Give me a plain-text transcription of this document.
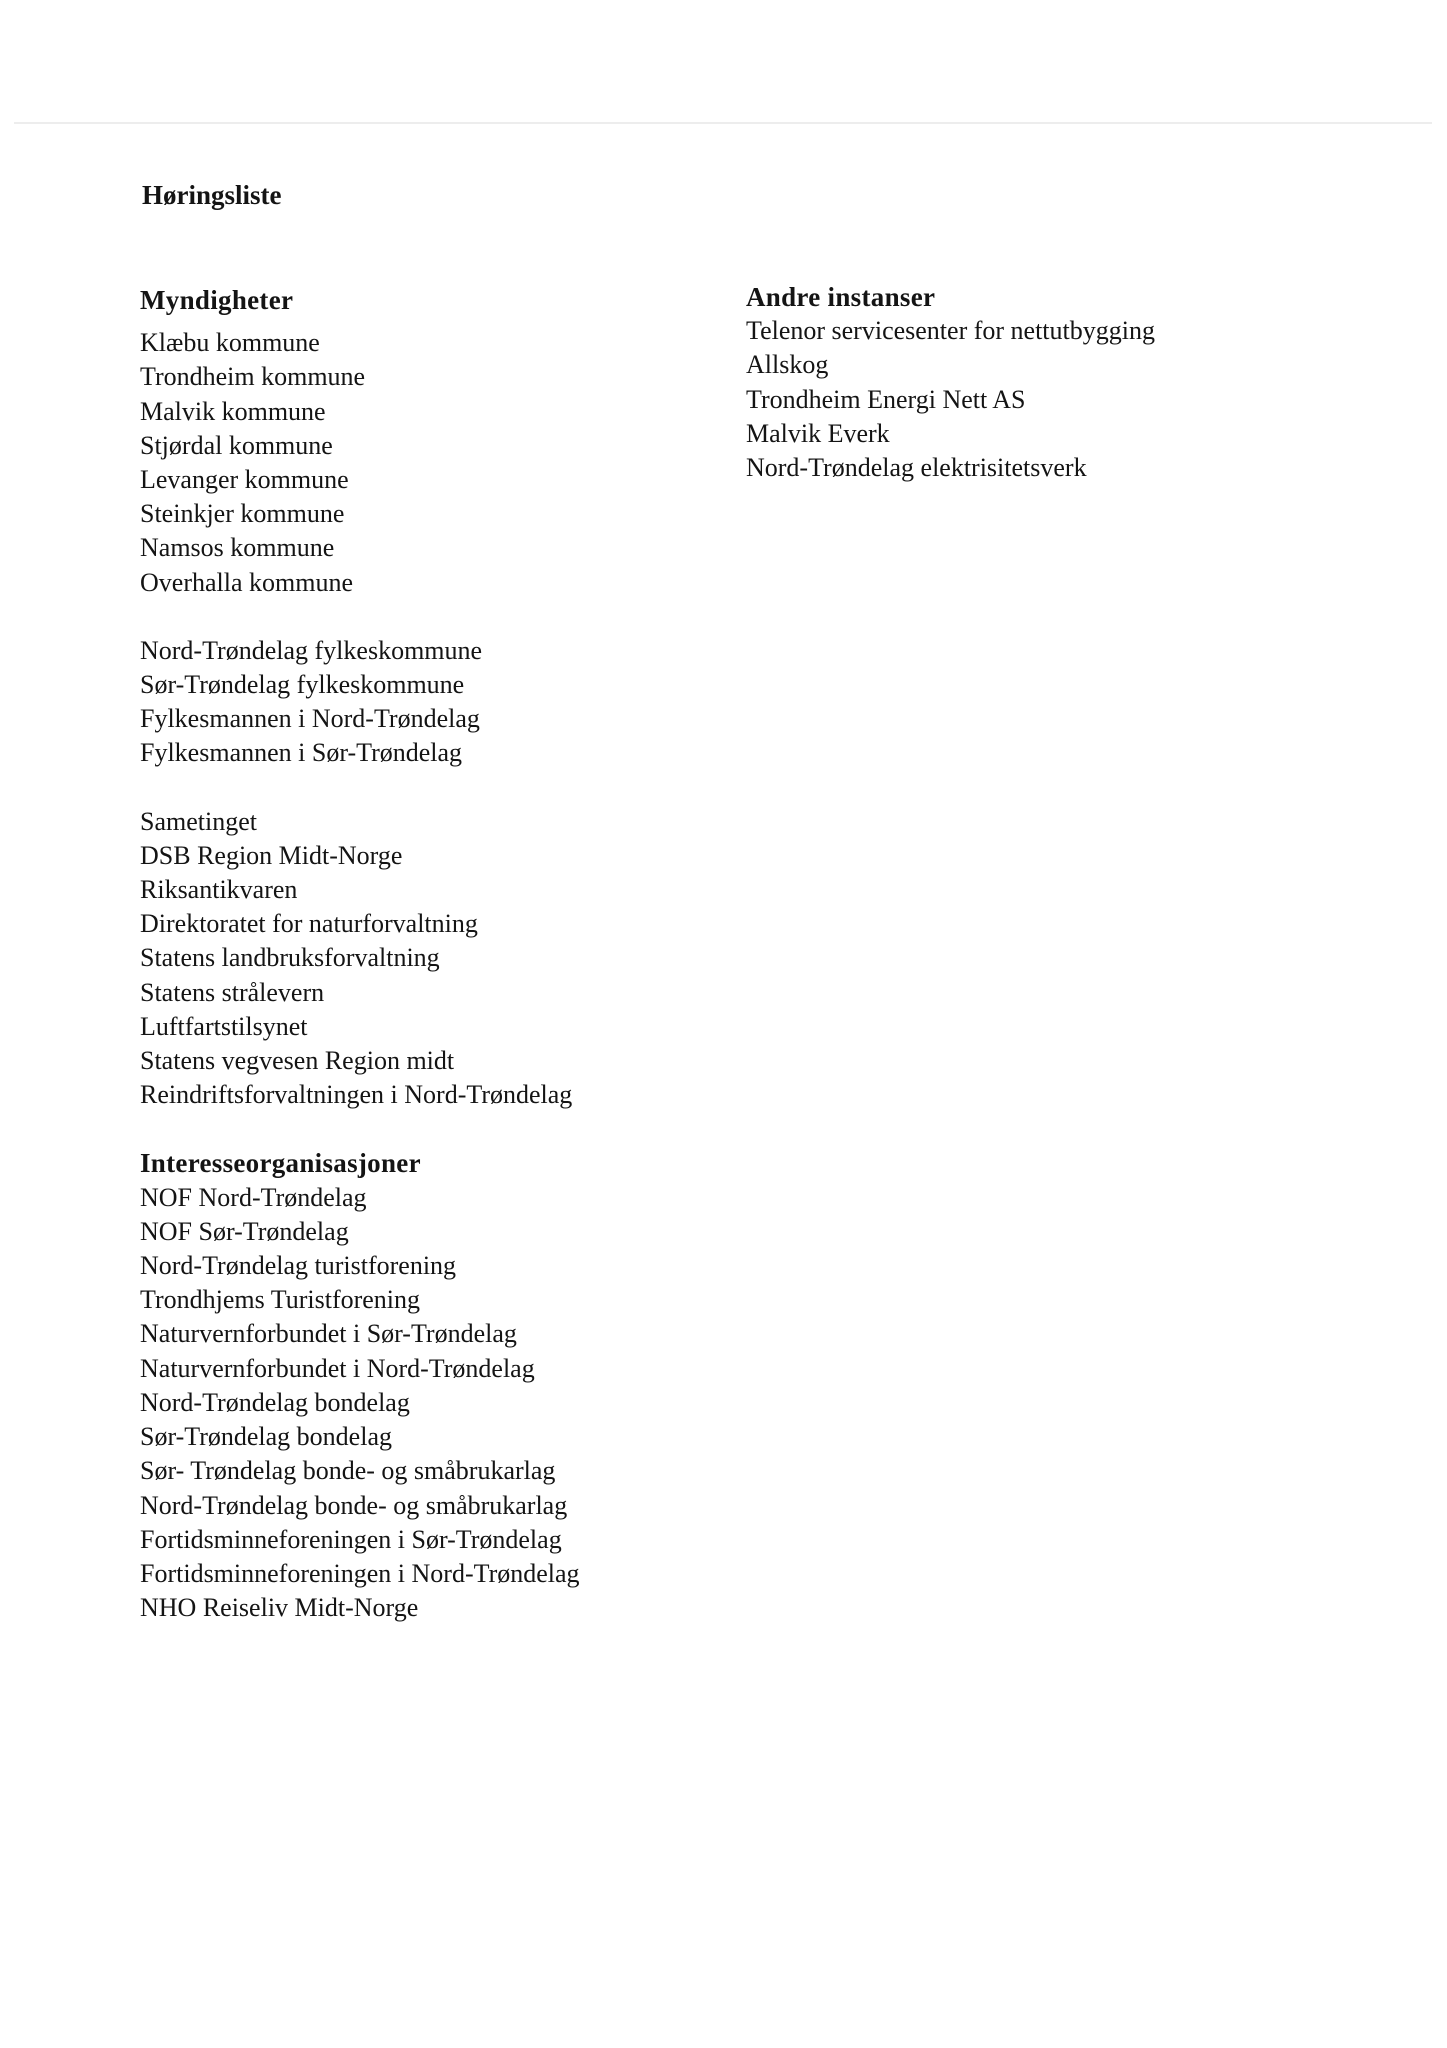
Høringsliste
Myndigheter
Klæbu kommune
Trondheim kommune
Malvik kommune
Stjørdal kommune
Levanger kommune
Steinkjer kommune
Namsos kommune
Overhalla kommune
Nord-Trøndelag fylkeskommune
Sør-Trøndelag fylkeskommune
Fylkesmannen i Nord-Trøndelag
Fylkesmannen i Sør-Trøndelag
Sametinget
DSB Region Midt-Norge
Riksantikvaren
Direktoratet for naturforvaltning
Statens landbruksforvaltning
Statens strålevern
Luftfartstilsynet
Statens vegvesen Region midt
Reindriftsforvaltningen i Nord-Trøndelag
Interesseorganisasjoner
NOF Nord-Trøndelag
NOF Sør-Trøndelag
Nord-Trøndelag turistforening
Trondhjems Turistforening
Naturvernforbundet i Sør-Trøndelag
Naturvernforbundet i Nord-Trøndelag
Nord-Trøndelag bondelag
Sør-Trøndelag bondelag
Sør- Trøndelag bonde- og småbrukarlag
Nord-Trøndelag bonde- og småbrukarlag
Fortidsminneforeningen i Sør-Trøndelag
Fortidsminneforeningen i Nord-Trøndelag
NHO Reiseliv Midt-Norge
Andre instanser
Telenor servicesenter for nettutbygging
Allskog
Trondheim Energi Nett AS
Malvik Everk
Nord-Trøndelag elektrisitetsverk
